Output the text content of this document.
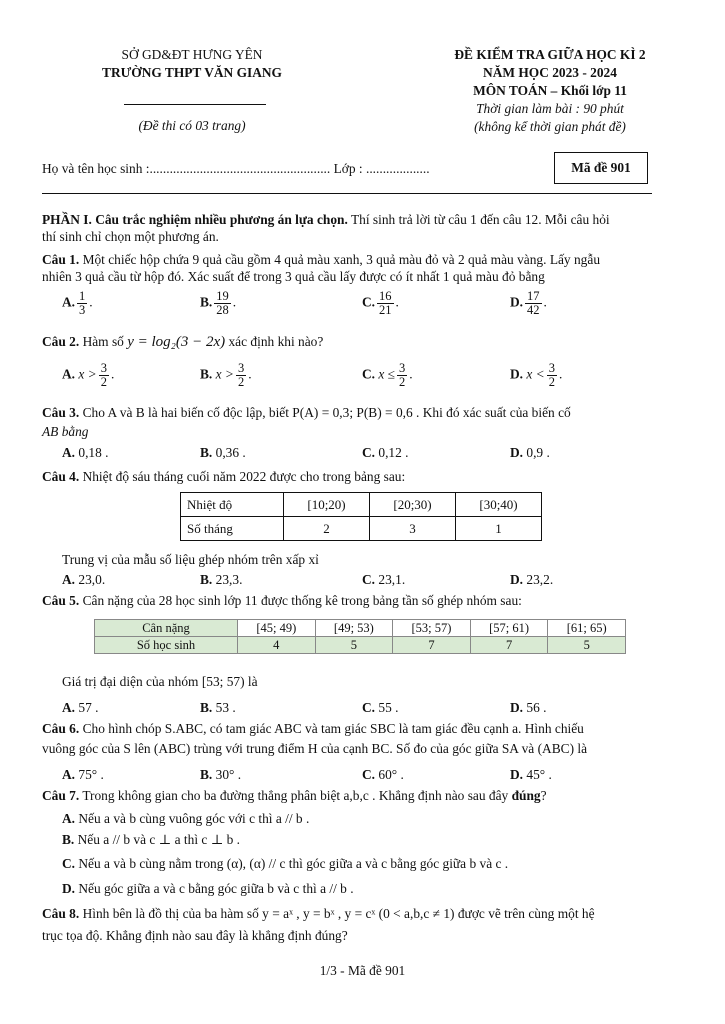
SỞ GD&ĐT HƯNG YÊN
TRƯỜNG THPT VĂN GIANG
(Đề thi có 03 trang)
ĐỀ KIỂM TRA GIỮA HỌC KÌ 2
NĂM HỌC 2023 - 2024
MÔN TOÁN – Khối lớp 11
Thời gian làm bài : 90 phút
(không kể thời gian phát đề)
Họ và tên học sinh :...................................................... Lớp : ...................	Mã đề 901
PHẦN I. Câu trắc nghiệm nhiều phương án lựa chọn. Thí sinh trả lời từ câu 1 đến câu 12. Mỗi câu hỏi
thí sinh chỉ chọn một phương án.
Câu 1. Một chiếc hộp chứa 9 quả cầu gồm 4 quả màu xanh, 3 quả màu đỏ và 2 quả màu vàng. Lấy ngẫu
nhiên 3 quả cầu từ hộp đó. Xác suất để trong 3 quả cầu lấy được có ít nhất 1 quả màu đỏ bằng
A. $\frac{1}{3}$ .	B. $\frac{19}{28}$ .	C. $\frac{16}{21}$ .	D. $\frac{17}{42}$ .
Câu 2. Hàm số y = log₂(3 − 2x) xác định khi nào?
A. $x > \frac{3}{2}$ .	B. $x > \frac{3}{2}$ .	C. $x \le \frac{3}{2}$ .	D. $x < \frac{3}{2}$ .
Câu 3. Cho A và B là hai biến cố độc lập, biết P(A) = 0,3; P(B) = 0,6 . Khi đó xác suất của biến cố
AB bằng
A. 0,18 .	B. 0,36 .	C. 0,12 .	D. 0,9 .
Câu 4. Nhiệt độ sáu tháng cuối năm 2022 được cho trong bảng sau:
Nhiệt độ	[10;20)	[20;30)	[30;40)
Số tháng	2	3	1
Trung vị của mẫu số liệu ghép nhóm trên xấp xỉ
A. 23,0.	B. 23,3.	C. 23,1.	D. 23,2.
Câu 5. Cân nặng của 28 học sinh lớp 11 được thống kê trong bảng tần số ghép nhóm sau:
Cân nặng	[45; 49)	[49; 53)	[53; 57)	[57; 61)	[61; 65)
Số học sinh	4	5	7	7	5
Giá trị đại diện của nhóm [53; 57) là
A. 57 .	B. 53 .	C. 55 .	D. 56 .
Câu 6. Cho hình chóp S.ABC, có tam giác ABC và tam giác SBC là tam giác đều cạnh a. Hình chiếu
vuông góc của S lên (ABC) trùng với trung điểm H của cạnh BC. Số đo của góc giữa SA và (ABC) là
A. 75° .	B. 30° .	C. 60° .	D. 45° .
Câu 7. Trong không gian cho ba đường thẳng phân biệt a,b,c . Khẳng định nào sau đây đúng?
A. Nếu a và b cùng vuông góc với c thì a // b .
B. Nếu a // b và c ⊥ a thì c ⊥ b .
C. Nếu a và b cùng nằm trong (α), (α) // c thì góc giữa a và c bằng góc giữa b và c .
D. Nếu góc giữa a và c bằng góc giữa b và c thì a // b .
Câu 8. Hình bên là đồ thị của ba hàm số y = aˣ , y = bˣ , y = cˣ (0 < a,b,c ≠ 1) được vẽ trên cùng một hệ
trục tọa độ. Khẳng định nào sau đây là khẳng định đúng?
1/3 - Mã đề 901
